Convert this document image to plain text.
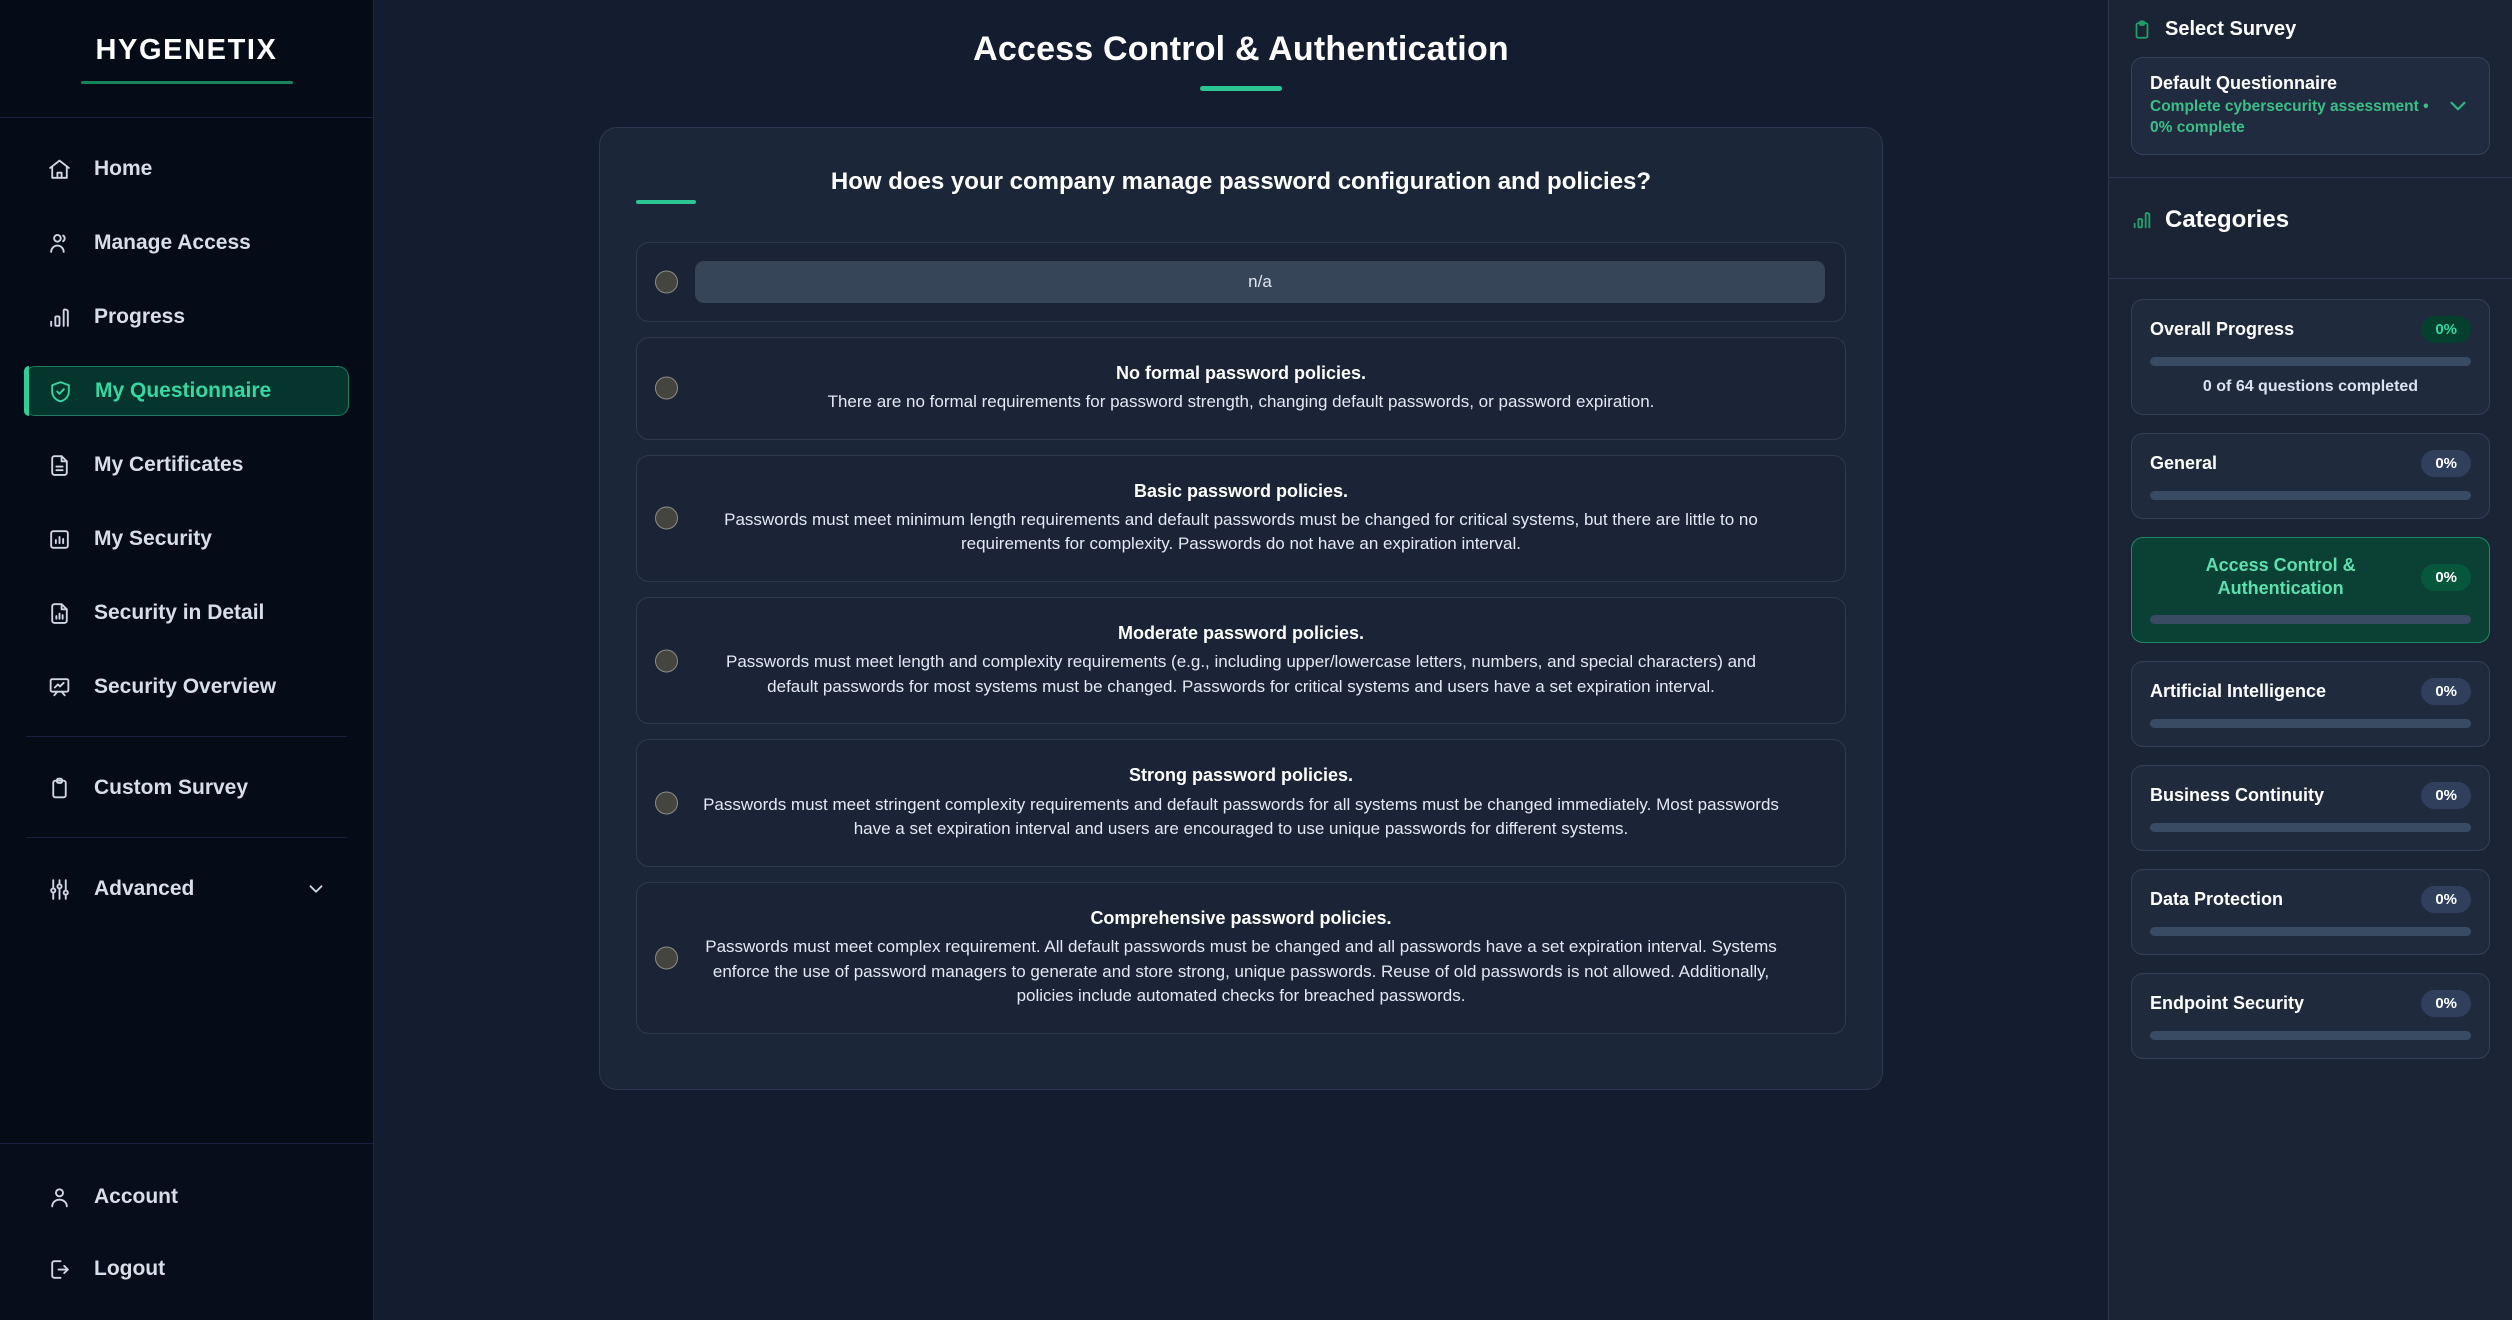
HYGENETIX
Home
Manage Access
Progress
My Questionnaire
My Certificates
My Security
Security in Detail
Security Overview
Custom Survey
Advanced
Account
Logout
Access Control & Authentication
How does your company manage password configuration and policies?
n/a
No formal password policies.
There are no formal requirements for password strength, changing default passwords, or password expiration.
Basic password policies.
Passwords must meet minimum length requirements and default passwords must be changed for critical systems, but there are little to no requirements for complexity. Passwords do not have an expiration interval.
Moderate password policies.
Passwords must meet length and complexity requirements (e.g., including upper/lowercase letters, numbers, and special characters) and default passwords for most systems must be changed. Passwords for critical systems and users have a set expiration interval.
Strong password policies.
Passwords must meet stringent complexity requirements and default passwords for all systems must be changed immediately. Most passwords have a set expiration interval and users are encouraged to use unique passwords for different systems.
Comprehensive password policies.
Passwords must meet complex requirement. All default passwords must be changed and all passwords have a set expiration interval. Systems enforce the use of password managers to generate and store strong, unique passwords. Reuse of old passwords is not allowed. Additionally, policies include automated checks for breached passwords.
Select Survey
Default Questionnaire
Complete cybersecurity assessment • 0% complete
Categories
Overall Progress	0%
0 of 64 questions completed
General	0%
Access Control & Authentication
0%
Artificial Intelligence	0%
Business Continuity	0%
Data Protection	0%
Endpoint Security	0%
